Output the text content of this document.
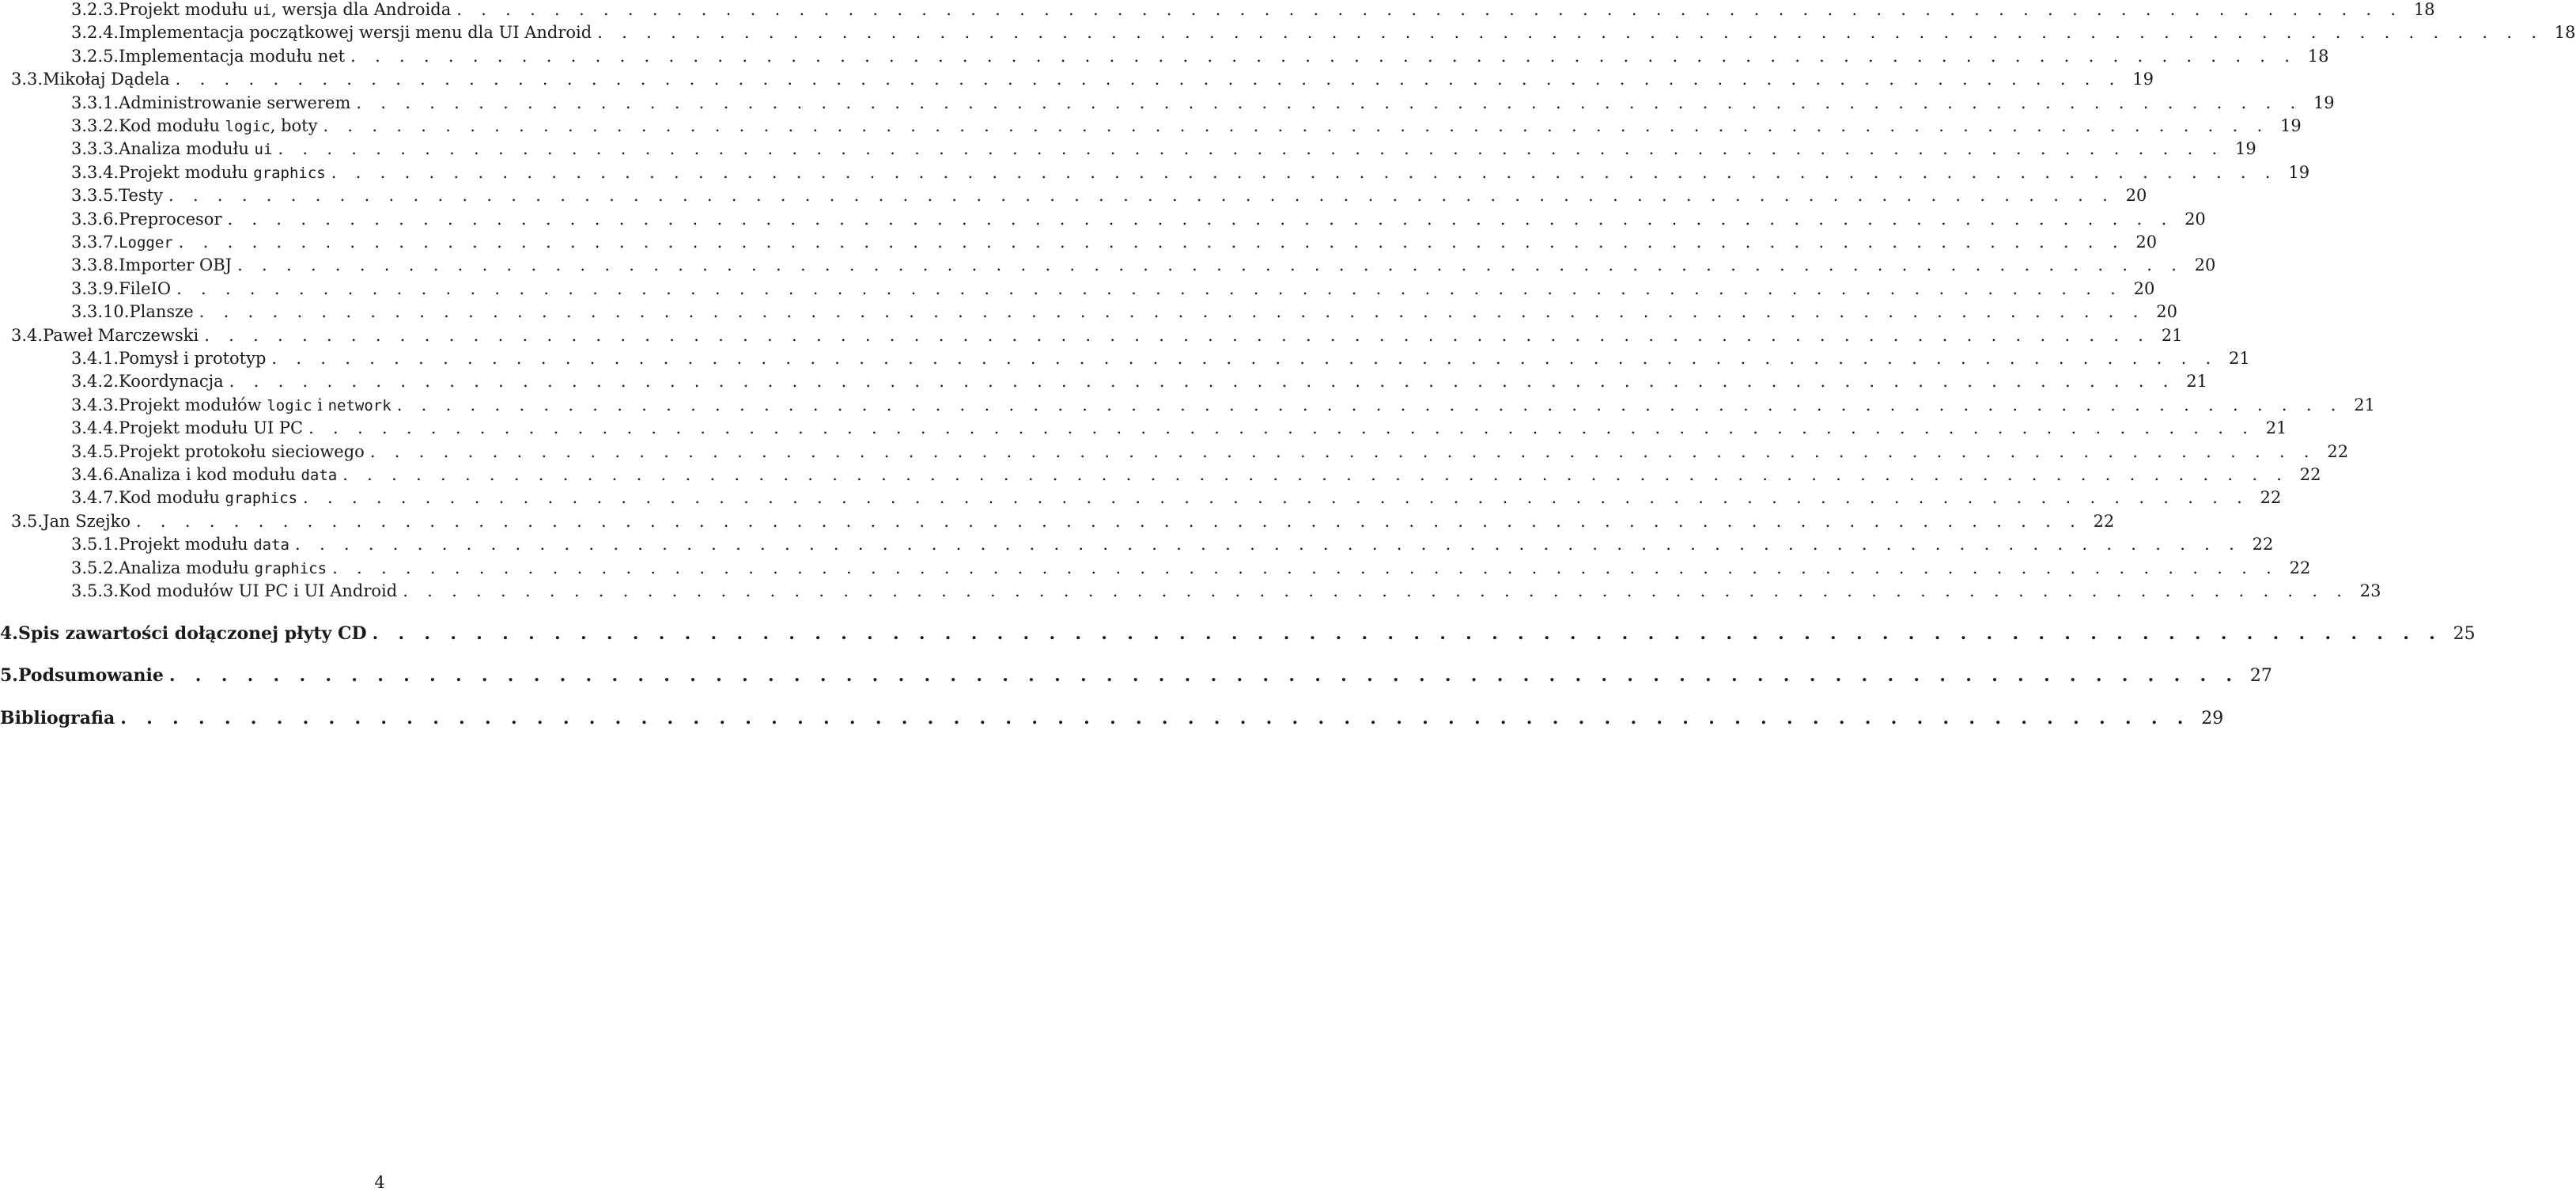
3.2.3. Projekt modułu ui, wersja dla Androida . . . . . . . . . . . . . . . . . . . . . . . . . . . . . . . . . . . . . . . . . . . . . . . . . . . . . . . . . . . . . . . . . . . . . . . . . . . . . . . . 18
3.2.4. Implementacja początkowej wersji menu dla UI Android . . . . . . . . . . . . . . . . . . . . . . . . . . . . . . . . . . . . . . . . . . . . . . . . . . . . . . . . . . . . . . . . . . . . . . . . . . . . . . . . 18
3.2.5. Implementacja modułu net . . . . . . . . . . . . . . . . . . . . . . . . . . . . . . . . . . . . . . . . . . . . . . . . . . . . . . . . . . . . . . . . . . . . . . . . . . . . . . . . 18
3.3. Mikołaj Dądela . . . . . . . . . . . . . . . . . . . . . . . . . . . . . . . . . . . . . . . . . . . . . . . . . . . . . . . . . . . . . . . . . . . . . . . . . . . . . . . . 19
3.3.1. Administrowanie serwerem . . . . . . . . . . . . . . . . . . . . . . . . . . . . . . . . . . . . . . . . . . . . . . . . . . . . . . . . . . . . . . . . . . . . . . . . . . . . . . . . 19
3.3.2. Kod modułu logic, boty . . . . . . . . . . . . . . . . . . . . . . . . . . . . . . . . . . . . . . . . . . . . . . . . . . . . . . . . . . . . . . . . . . . . . . . . . . . . . . . . 19
3.3.3. Analiza modułu ui . . . . . . . . . . . . . . . . . . . . . . . . . . . . . . . . . . . . . . . . . . . . . . . . . . . . . . . . . . . . . . . . . . . . . . . . . . . . . . . . 19
3.3.4. Projekt modułu graphics . . . . . . . . . . . . . . . . . . . . . . . . . . . . . . . . . . . . . . . . . . . . . . . . . . . . . . . . . . . . . . . . . . . . . . . . . . . . . . . . 19
3.3.5. Testy . . . . . . . . . . . . . . . . . . . . . . . . . . . . . . . . . . . . . . . . . . . . . . . . . . . . . . . . . . . . . . . . . . . . . . . . . . . . . . . . 20
3.3.6. Preprocesor . . . . . . . . . . . . . . . . . . . . . . . . . . . . . . . . . . . . . . . . . . . . . . . . . . . . . . . . . . . . . . . . . . . . . . . . . . . . . . . . 20
3.3.7. Logger . . . . . . . . . . . . . . . . . . . . . . . . . . . . . . . . . . . . . . . . . . . . . . . . . . . . . . . . . . . . . . . . . . . . . . . . . . . . . . . . 20
3.3.8. Importer OBJ . . . . . . . . . . . . . . . . . . . . . . . . . . . . . . . . . . . . . . . . . . . . . . . . . . . . . . . . . . . . . . . . . . . . . . . . . . . . . . . . 20
3.3.9. FileIO . . . . . . . . . . . . . . . . . . . . . . . . . . . . . . . . . . . . . . . . . . . . . . . . . . . . . . . . . . . . . . . . . . . . . . . . . . . . . . . . 20
3.3.10. Plansze . . . . . . . . . . . . . . . . . . . . . . . . . . . . . . . . . . . . . . . . . . . . . . . . . . . . . . . . . . . . . . . . . . . . . . . . . . . . . . . . 20
3.4. Paweł Marczewski . . . . . . . . . . . . . . . . . . . . . . . . . . . . . . . . . . . . . . . . . . . . . . . . . . . . . . . . . . . . . . . . . . . . . . . . . . . . . . . . 21
3.4.1. Pomysł i prototyp . . . . . . . . . . . . . . . . . . . . . . . . . . . . . . . . . . . . . . . . . . . . . . . . . . . . . . . . . . . . . . . . . . . . . . . . . . . . . . . . 21
3.4.2. Koordynacja . . . . . . . . . . . . . . . . . . . . . . . . . . . . . . . . . . . . . . . . . . . . . . . . . . . . . . . . . . . . . . . . . . . . . . . . . . . . . . . . 21
3.4.3. Projekt modułów logic i network . . . . . . . . . . . . . . . . . . . . . . . . . . . . . . . . . . . . . . . . . . . . . . . . . . . . . . . . . . . . . . . . . . . . . . . . . . . . . . . . 21
3.4.4. Projekt modułu UI PC . . . . . . . . . . . . . . . . . . . . . . . . . . . . . . . . . . . . . . . . . . . . . . . . . . . . . . . . . . . . . . . . . . . . . . . . . . . . . . . . 21
3.4.5. Projekt protokołu sieciowego . . . . . . . . . . . . . . . . . . . . . . . . . . . . . . . . . . . . . . . . . . . . . . . . . . . . . . . . . . . . . . . . . . . . . . . . . . . . . . . . 22
3.4.6. Analiza i kod modułu data . . . . . . . . . . . . . . . . . . . . . . . . . . . . . . . . . . . . . . . . . . . . . . . . . . . . . . . . . . . . . . . . . . . . . . . . . . . . . . . . 22
3.4.7. Kod modułu graphics . . . . . . . . . . . . . . . . . . . . . . . . . . . . . . . . . . . . . . . . . . . . . . . . . . . . . . . . . . . . . . . . . . . . . . . . . . . . . . . . 22
3.5. Jan Szejko . . . . . . . . . . . . . . . . . . . . . . . . . . . . . . . . . . . . . . . . . . . . . . . . . . . . . . . . . . . . . . . . . . . . . . . . . . . . . . . . 22
3.5.1. Projekt modułu data . . . . . . . . . . . . . . . . . . . . . . . . . . . . . . . . . . . . . . . . . . . . . . . . . . . . . . . . . . . . . . . . . . . . . . . . . . . . . . . . 22
3.5.2. Analiza modułu graphics . . . . . . . . . . . . . . . . . . . . . . . . . . . . . . . . . . . . . . . . . . . . . . . . . . . . . . . . . . . . . . . . . . . . . . . . . . . . . . . . 22
3.5.3. Kod modułów UI PC i UI Android . . . . . . . . . . . . . . . . . . . . . . . . . . . . . . . . . . . . . . . . . . . . . . . . . . . . . . . . . . . . . . . . . . . . . . . . . . . . . . . . 23
4. Spis zawartości dołączonej płyty CD . . . . . . . . . . . . . . . . . . . . . . . . . . . . . . . . . . . . . . . . . . . . . . . . . . . . . . . . . . . . . . . . . . . . . . . . . . . . . . . . 25
5. Podsumowanie . . . . . . . . . . . . . . . . . . . . . . . . . . . . . . . . . . . . . . . . . . . . . . . . . . . . . . . . . . . . . . . . . . . . . . . . . . . . . . . . 27
Bibliografia . . . . . . . . . . . . . . . . . . . . . . . . . . . . . . . . . . . . . . . . . . . . . . . . . . . . . . . . . . . . . . . . . . . . . . . . . . . . . . . . 29
4
